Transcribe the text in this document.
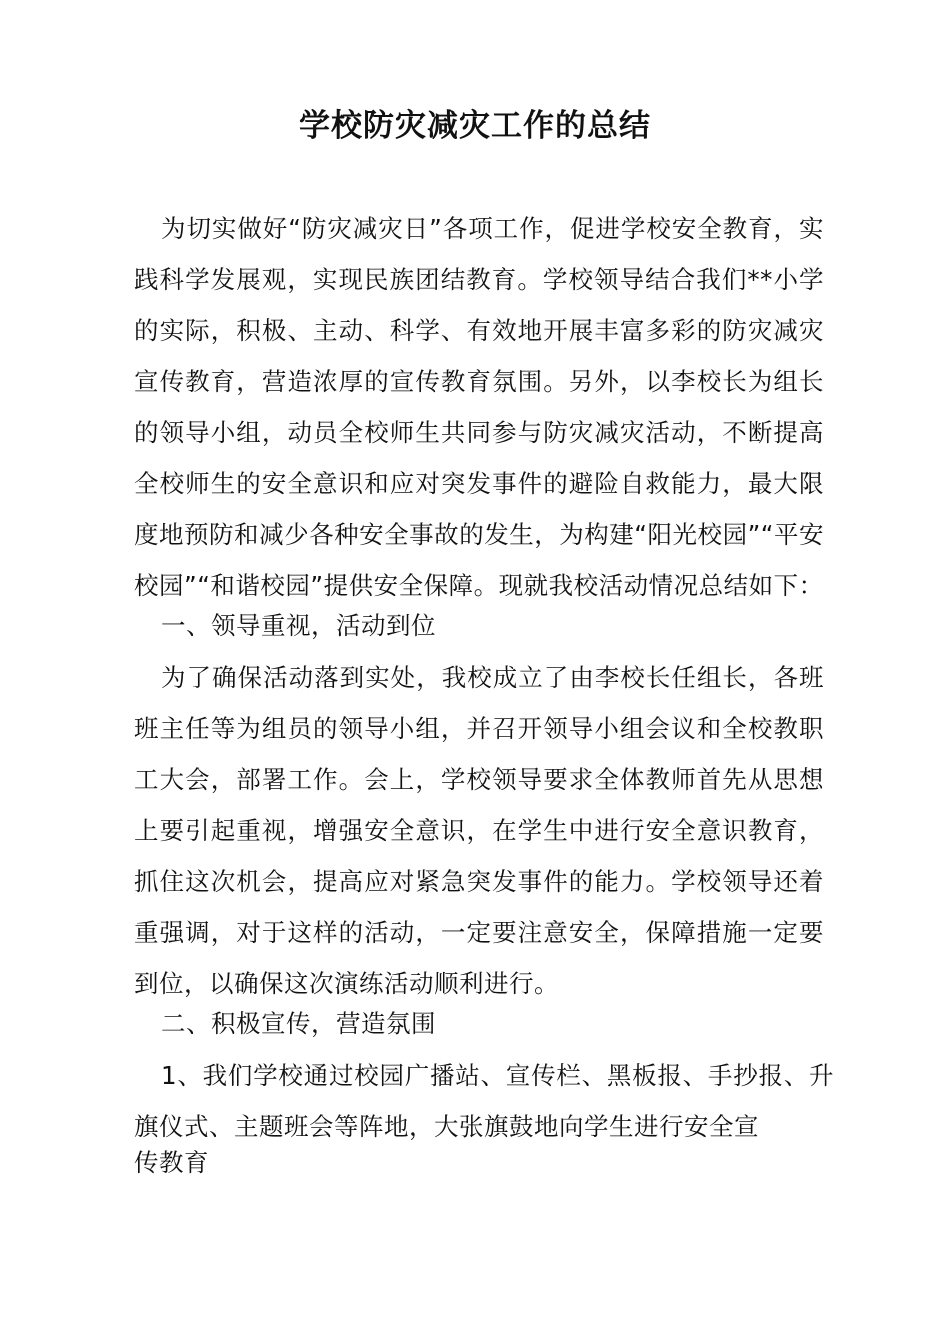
学校防灾减灾工作的总结

为切实做好“防灾减灾日”各项工作，促进学校安全教育，实践科学发展观，实现民族团结教育。学校领导结合我们**小学的实际，积极、主动、科学、有效地开展丰富多彩的防灾减灾宣传教育，营造浓厚的宣传教育氛围。另外，以李校长为组长的领导小组，动员全校师生共同参与防灾减灾活动，不断提高全校师生的安全意识和应对突发事件的避险自救能力，最大限度地预防和减少各种安全事故的发生，为构建“阳光校园”“平安校园”“和谐校园”提供安全保障。现就我校活动情况总结如下：

一、领导重视，活动到位

为了确保活动落到实处，我校成立了由李校长任组长，各班班主任等为组员的领导小组，并召开领导小组会议和全校教职工大会，部署工作。会上，学校领导要求全体教师首先从思想上要引起重视，增强安全意识，在学生中进行安全意识教育，抓住这次机会，提高应对紧急突发事件的能力。学校领导还着重强调，对于这样的活动，一定要注意安全，保障措施一定要到位，以确保这次演练活动顺利进行。

二、积极宣传，营造氛围

1、我们学校通过校园广播站、宣传栏、黑板报、手抄报、升旗仪式、主题班会等阵地，大张旗鼓地向学生进行安全宣

传教育
